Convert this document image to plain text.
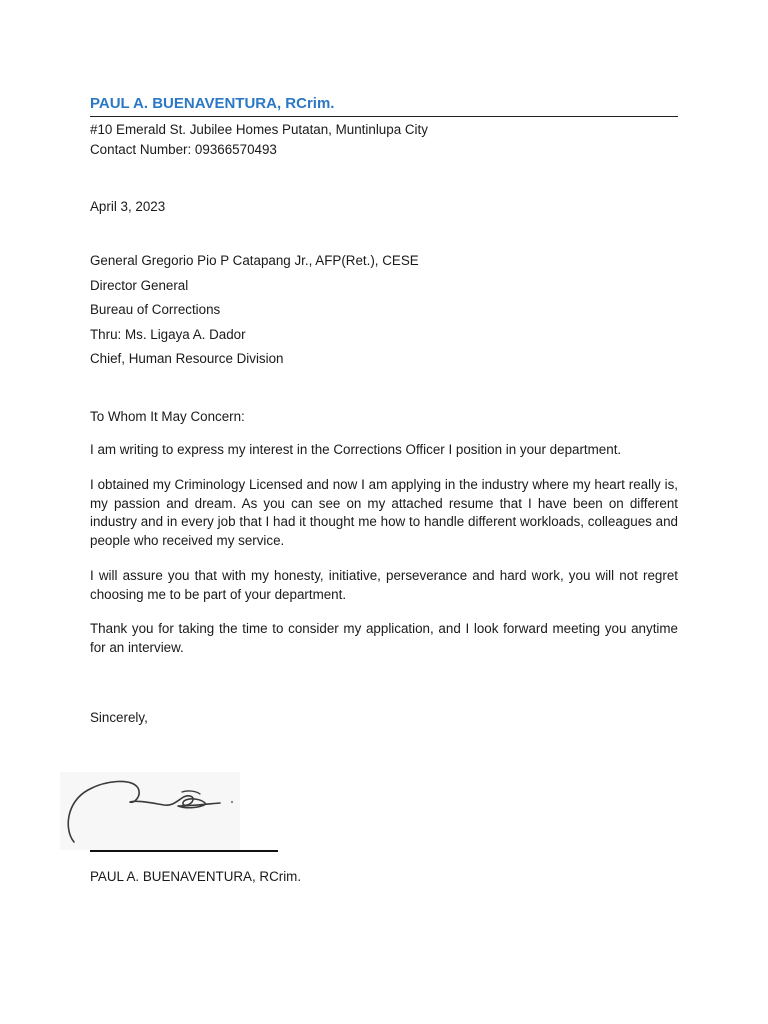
PAUL A. BUENAVENTURA, RCrim.
#10 Emerald St. Jubilee Homes Putatan, Muntinlupa City
Contact Number: 09366570493
April 3, 2023
General Gregorio Pio P Catapang Jr., AFP(Ret.), CESE
Director General
Bureau of Corrections
Thru: Ms. Ligaya A. Dador
Chief, Human Resource Division
To Whom It May Concern:
I am writing to express my interest in the Corrections Officer I position in your department.
I obtained my Criminology Licensed and now I am applying in the industry where my heart really is, my passion and dream. As you can see on my attached resume that I have been on different industry and in every job that I had it thought me how to handle different workloads, colleagues and people who received my service.
I will assure you that with my honesty, initiative, perseverance and hard work, you will not regret choosing me to be part of your department.
Thank you for taking the time to consider my application, and I look forward meeting you anytime for an interview.
Sincerely,
PAUL A. BUENAVENTURA, RCrim.
